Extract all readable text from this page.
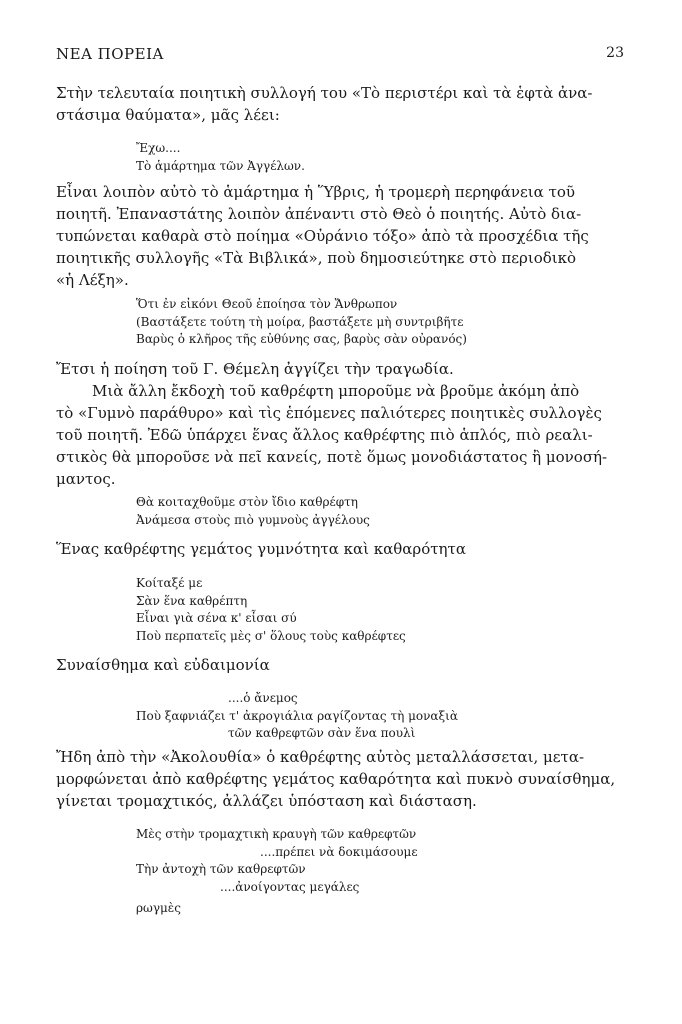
ΝΕΑ ΠΟΡΕΙΑ	23
Στὴν τελευταία ποιητικὴ συλλογή του «Τὸ περιστέρι καὶ τὰ ἑφτὰ ἀνα-
στάσιμα θαύματα», μᾶς λέει:
Ἔχω....
Τὸ ἁμάρτημα τῶν Ἀγγέλων.
Εἶναι λοιπὸν αὐτὸ τὸ ἁμάρτημα ἡ Ὕβρις, ἡ τρομερὴ περηφάνεια τοῦ
ποιητῆ. Ἐπαναστάτης λοιπὸν ἀπέναντι στὸ Θεὸ ὁ ποιητής. Αὐτὸ δια-
τυπώνεται καθαρὰ στὸ ποίημα «Οὐράνιο τόξο» ἀπὸ τὰ προσχέδια τῆς
ποιητικῆς συλλογῆς «Τὰ Βιβλικά», ποὺ δημοσιεύτηκε στὸ περιοδικὸ
«ἡ Λέξη».
Ὅτι ἐν εἰκόνι Θεοῦ ἐποίησα τὸν Ἄνθρωπον
(Βαστάξετε τούτη τὴ μοίρα, βαστάξετε μὴ συντριβῆτε
Βαρὺς ὁ κλῆρος τῆς εὐθύνης σας, βαρὺς σὰν οὐρανός)
Ἔτσι ἡ ποίηση τοῦ Γ. Θέμελη ἀγγίζει τὴν τραγωδία.
Μιὰ ἄλλη ἔκδοχὴ τοῦ καθρέφτη μποροῦμε νὰ βροῦμε ἀκόμη ἀπὸ
τὸ «Γυμνὸ παράθυρο» καὶ τὶς ἑπόμενες παλιότερες ποιητικὲς συλλογὲς
τοῦ ποιητῆ. Ἐδῶ ὑπάρχει ἕνας ἄλλος καθρέφτης πιὸ ἁπλός, πιὸ ρεαλι-
στικὸς θὰ μποροῦσε νὰ πεῖ κανείς, ποτὲ ὅμως μονοδιάστατος ἢ μονοσή-
μαντος.
Θὰ κοιταχθοῦμε στὸν ἴδιο καθρέφτη
Ἀνάμεσα στοὺς πιὸ γυμνοὺς ἀγγέλους
Ἕνας καθρέφτης γεμάτος γυμνότητα καὶ καθαρότητα
Κοίταξέ με
Σὰν ἕνα καθρέπτη
Εἶναι γιὰ σένα κ' εἶσαι σύ
Ποὺ περπατεῖς μὲς σ' ὅλους τοὺς καθρέφτες
Συναίσθημα καὶ εὐδαιμονία
....ὁ ἄνεμος
Ποὺ ξαφνιάζει τ' ἀκρογιάλια ραγίζοντας τὴ μοναξιὰ
τῶν καθρεφτῶν σὰν ἕνα πουλὶ
Ἤδη ἀπὸ τὴν «Ἀκολουθία» ὁ καθρέφτης αὐτὸς μεταλλάσσεται, μετα-
μορφώνεται ἀπὸ καθρέφτης γεμάτος καθαρότητα καὶ πυκνὸ συναίσθημα,
γίνεται τρομαχτικός, ἀλλάζει ὑπόσταση καὶ διάσταση.
Μὲς στὴν τρομαχτικὴ κραυγὴ τῶν καθρεφτῶν
....πρέπει νὰ δοκιμάσουμε
Τὴν ἀντοχὴ τῶν καθρεφτῶν
....ἀνοίγοντας μεγάλες
ρωγμὲς
